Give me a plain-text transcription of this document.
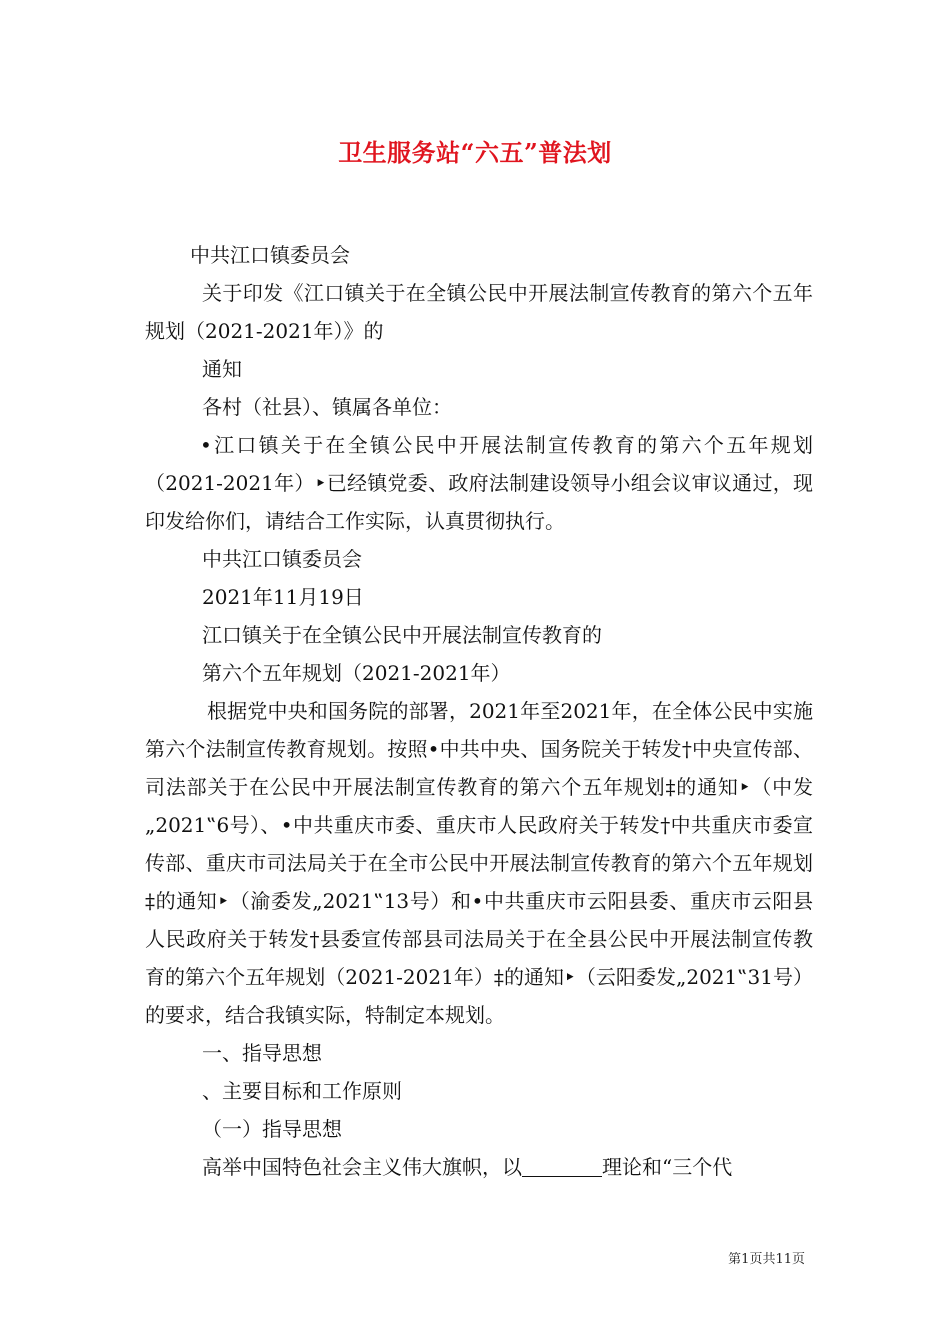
卫生服务站“六五”普法划

中共江口镇委员会

关于印发《江口镇关于在全镇公民中开展法制宣传教育的第六个五年规划（2021-2021年）》的

通知

各村（社县）、镇属各单位：

•江口镇关于在全镇公民中开展法制宣传教育的第六个五年规划（2021-2021年）‣已经镇党委、政府法制建设领导小组会议审议通过，现印发给你们，请结合工作实际，认真贯彻执行。

中共江口镇委员会

2021年11月19日

江口镇关于在全镇公民中开展法制宣传教育的

第六个五年规划（2021-2021年）

根据党中央和国务院的部署，2021年至2021年，在全体公民中实施第六个法制宣传教育规划。按照•中共中央、国务院关于转发†中央宣传部、司法部关于在公民中开展法制宣传教育的第六个五年规划‡的通知‣（中发„2021‟6号）、•中共重庆市委、重庆市人民政府关于转发†中共重庆市委宣传部、重庆市司法局关于在全市公民中开展法制宣传教育的第六个五年规划‡的通知‣（渝委发„2021‟13号）和•中共重庆市云阳县委、重庆市云阳县人民政府关于转发†县委宣传部县司法局关于在全县公民中开展法制宣传教育的第六个五年规划（2021-2021年）‡的通知‣（云阳委发„2021‟31号）的要求，结合我镇实际，特制定本规划。

一、指导思想

、主要目标和工作原则

（一）指导思想

高举中国特色社会主义伟大旗帜，以	理论和“三个代

第1页共11页
